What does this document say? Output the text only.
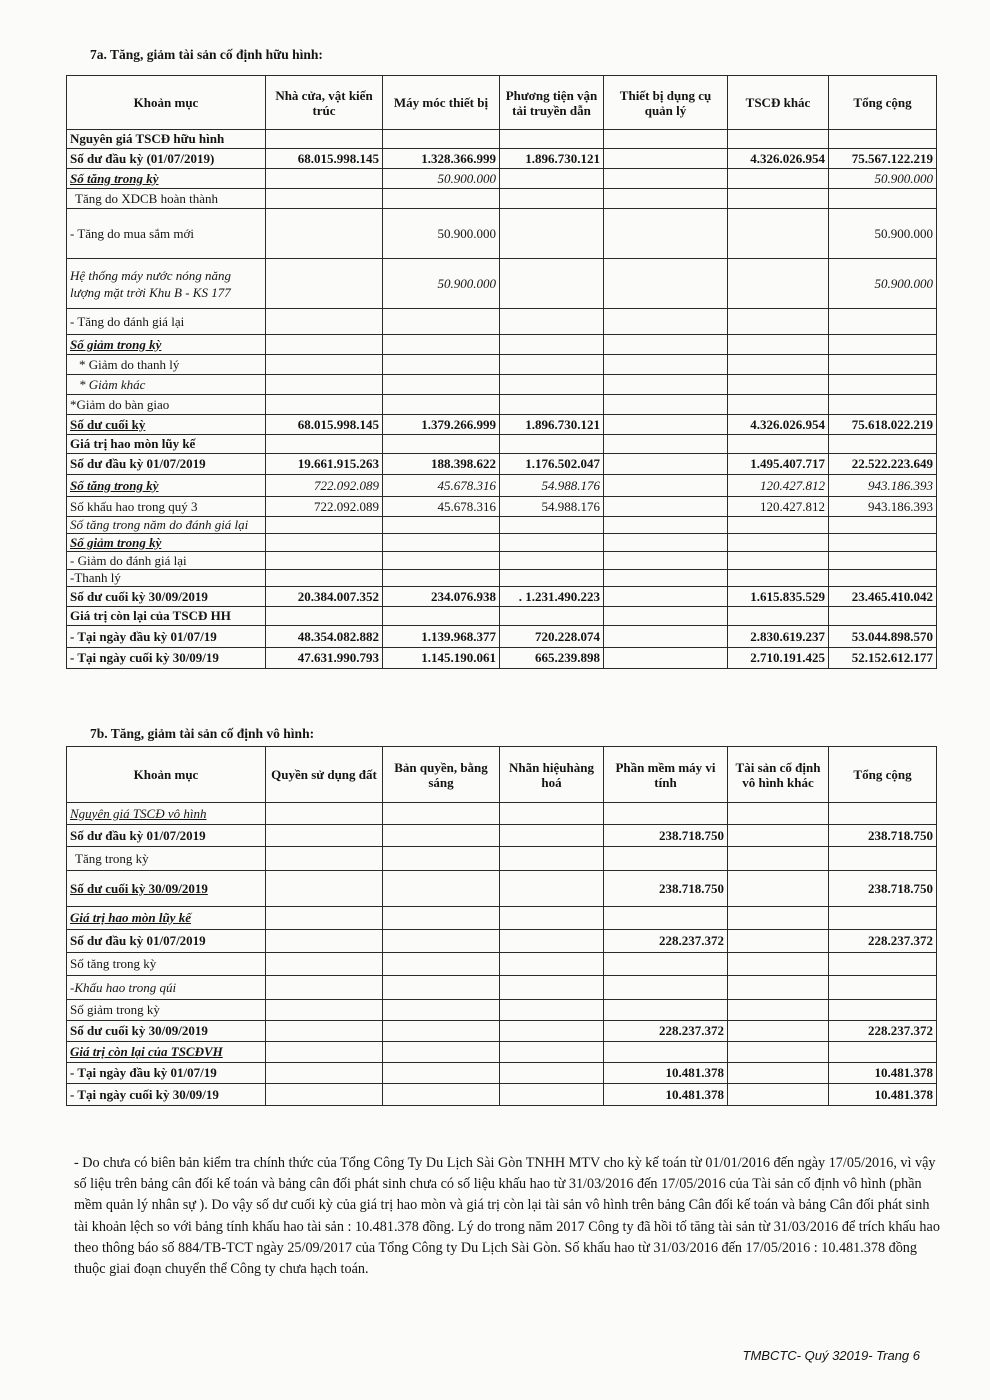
7a. Tăng, giảm tài sản cố định hữu hình:
Khoản mục	Nhà cửa, vật kiến trúc	Máy móc thiết bị	Phương tiện vận tải truyền dẫn	Thiết bị dụng cụ quản lý	TSCĐ khác	Tổng cộng
Nguyên giá TSCĐ hữu hình						
Số dư đầu kỳ (01/07/2019)	68.015.998.145	1.328.366.999	1.896.730.121		4.326.026.954	75.567.122.219
Số tăng trong kỳ		50.900.000				50.900.000
Tăng do XDCB hoàn thành						
- Tăng do mua sắm mới		50.900.000				50.900.000
Hệ thống máy nước nóng năng lượng mặt trời Khu B - KS 177		50.900.000				50.900.000
- Tăng do đánh giá lại						
Số giảm trong kỳ						
* Giảm do thanh lý						
* Giảm khác						
*Giảm do bàn giao						
Số dư cuối kỳ	68.015.998.145	1.379.266.999	1.896.730.121		4.326.026.954	75.618.022.219
Giá trị hao mòn lũy kế						
Số dư đầu kỳ 01/07/2019	19.661.915.263	188.398.622	1.176.502.047		1.495.407.717	22.522.223.649
Số tăng trong kỳ	722.092.089	45.678.316	54.988.176		120.427.812	943.186.393
Số khấu hao trong quý 3	722.092.089	45.678.316	54.988.176		120.427.812	943.186.393
Số tăng trong năm do đánh giá lại						
Số giảm trong kỳ						
- Giảm do đánh giá lại						
-Thanh lý						
Số dư cuối kỳ 30/09/2019	20.384.007.352	234.076.938	. 1.231.490.223		1.615.835.529	23.465.410.042
Giá trị còn lại của TSCĐ HH						
- Tại ngày đầu kỳ 01/07/19	48.354.082.882	1.139.968.377	720.228.074		2.830.619.237	53.044.898.570
- Tại ngày cuối kỳ 30/09/19	47.631.990.793	1.145.190.061	665.239.898		2.710.191.425	52.152.612.177
7b. Tăng, giảm tài sản cố định vô hình:
Khoản mục	Quyền sử dụng đất	Bản quyền, bằng sáng	Nhãn hiệuhàng hoá	Phần mềm máy vi tính	Tài sản cố định vô hình khác	Tổng cộng
Nguyên giá TSCĐ vô hình						
Số dư đầu kỳ 01/07/2019				238.718.750		238.718.750
Tăng trong kỳ						
Số dư cuối kỳ 30/09/2019				238.718.750		238.718.750
Giá trị hao mòn lũy kế						
Số dư đầu kỳ 01/07/2019				228.237.372		228.237.372
Số tăng trong kỳ						
-Khấu hao trong qúi						
Số giảm trong kỳ						
Số dư cuối kỳ 30/09/2019				228.237.372		228.237.372
Giá trị còn lại của TSCĐVH						
- Tại ngày đầu kỳ 01/07/19				10.481.378		10.481.378
- Tại ngày cuối kỳ 30/09/19				10.481.378		10.481.378
- Do chưa có biên bản kiểm tra chính thức của Tổng Công Ty Du Lịch Sài Gòn TNHH MTV cho kỳ kế toán từ 01/01/2016 đến ngày 17/05/2016, vì vậy số liệu trên bảng cân đối kế toán và bảng cân đối phát sinh chưa có số liệu khấu hao từ 31/03/2016 đến 17/05/2016 của Tài sản cố định vô hình (phần mềm quản lý nhân sự ). Do vậy số dư cuối kỳ của giá trị hao mòn và giá trị còn lại tài sản vô hình trên bảng Cân đối kế toán và bảng Cân đối phát sinh tài khoản lệch so với bảng tính khấu hao tài sản : 10.481.378 đồng. Lý do trong năm 2017 Công ty đã hồi tố tăng tài sản từ 31/03/2016 để trích khấu hao theo thông báo số 884/TB-TCT ngày 25/09/2017 của Tổng Công ty Du Lịch Sài Gòn. Số khấu hao từ 31/03/2016 đến 17/05/2016 : 10.481.378 đồng thuộc giai đoạn chuyển thể Công ty chưa hạch toán.
TMBCTC- Quý 32019- Trang 6
